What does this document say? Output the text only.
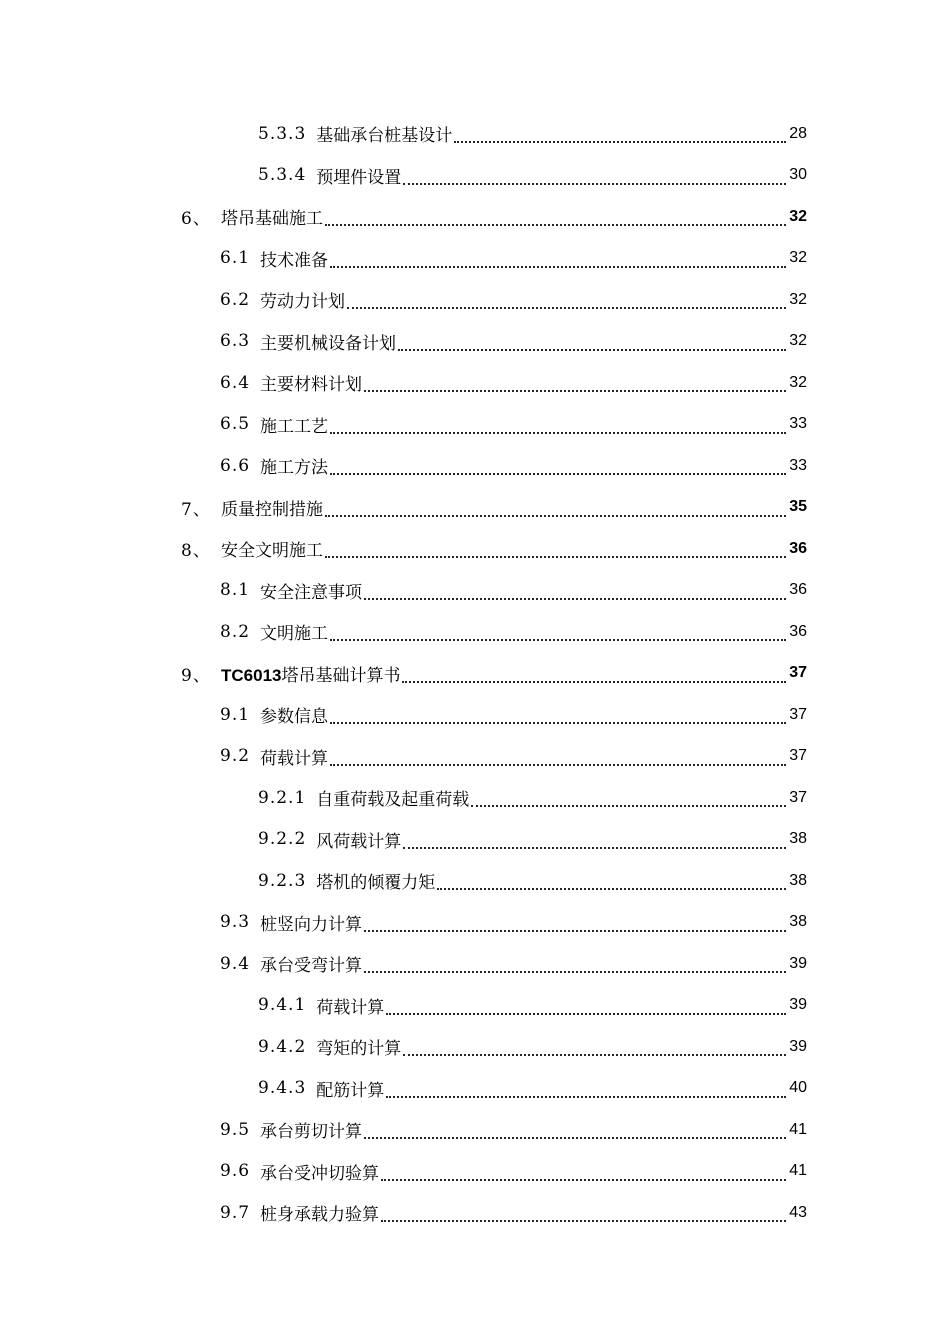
5.3.3 基础承台桩基设计	28
5.3.4 预埋件设置	30
6、 塔吊基础施工	32
6.1 技术准备	32
6.2 劳动力计划	32
6.3 主要机械设备计划	32
6.4 主要材料计划	32
6.5 施工工艺	33
6.6 施工方法	33
7、 质量控制措施	35
8、 安全文明施工	36
8.1 安全注意事项	36
8.2 文明施工	36
9、 TC6013塔吊基础计算书	37
9.1 参数信息	37
9.2 荷载计算	37
9.2.1 自重荷载及起重荷载	37
9.2.2 风荷载计算	38
9.2.3 塔机的倾覆力矩	38
9.3 桩竖向力计算	38
9.4 承台受弯计算	39
9.4.1 荷载计算	39
9.4.2 弯矩的计算	39
9.4.3 配筋计算	40
9.5 承台剪切计算	41
9.6 承台受冲切验算	41
9.7 桩身承载力验算	43
